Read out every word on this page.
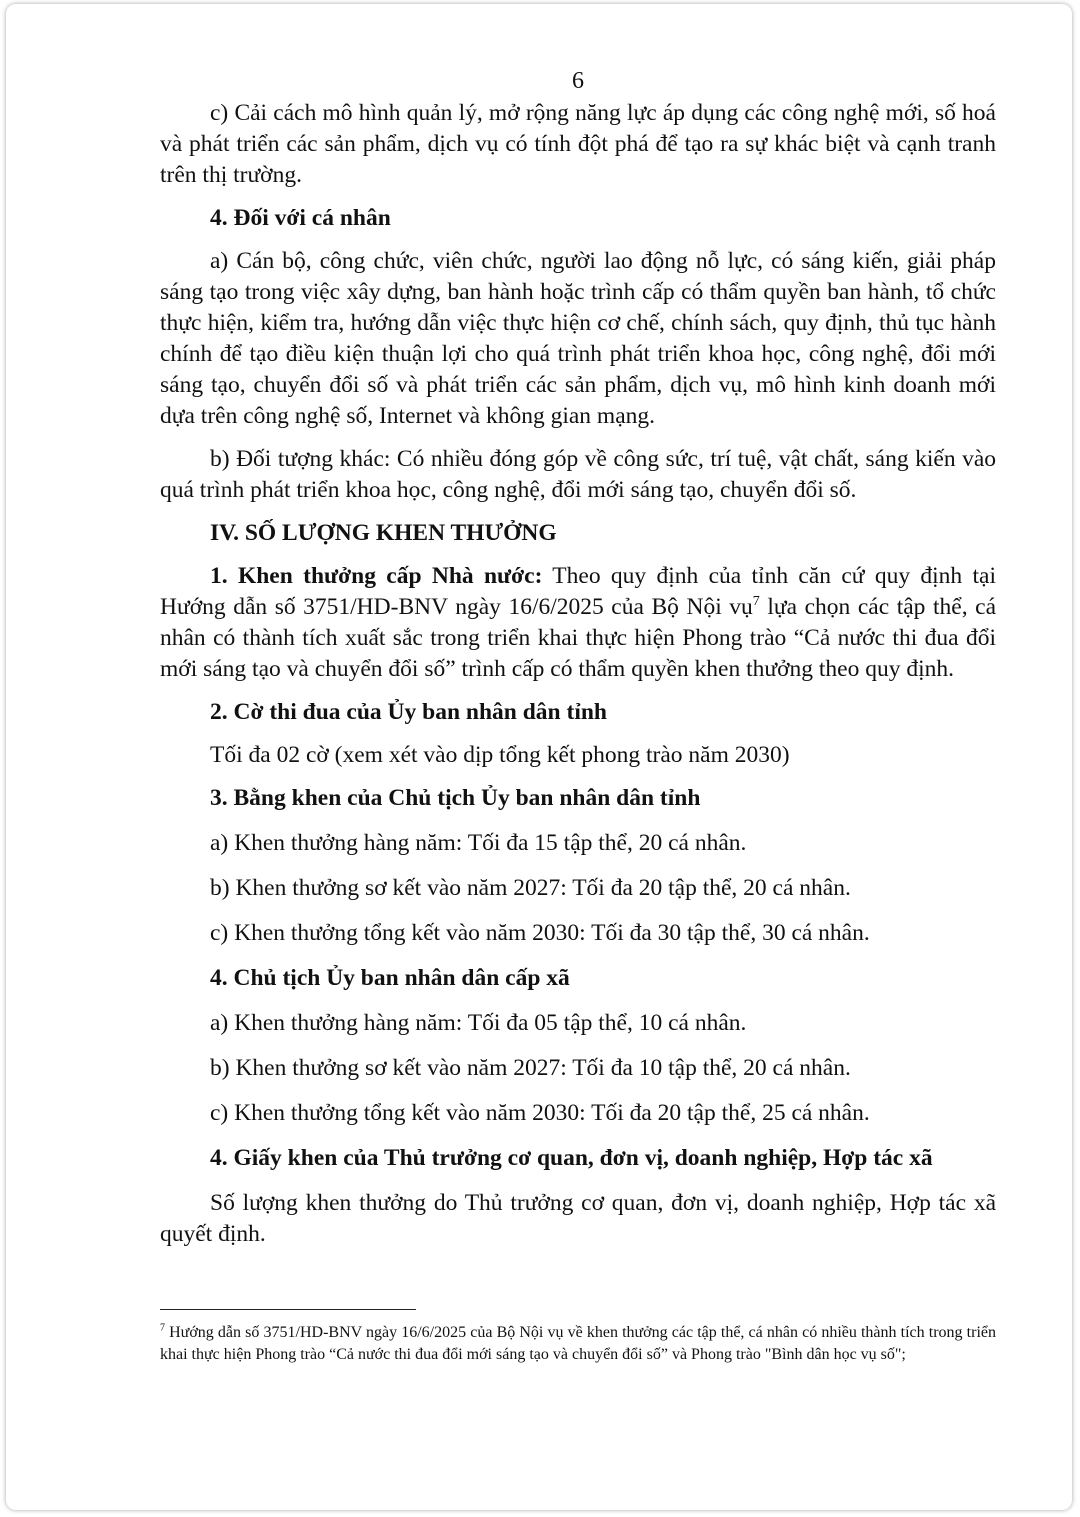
6

c) Cải cách mô hình quản lý, mở rộng năng lực áp dụng các công nghệ mới, số hoá và phát triển các sản phẩm, dịch vụ có tính đột phá để tạo ra sự khác biệt và cạnh tranh trên thị trường.

4. Đối với cá nhân

a) Cán bộ, công chức, viên chức, người lao động nỗ lực, có sáng kiến, giải pháp sáng tạo trong việc xây dựng, ban hành hoặc trình cấp có thẩm quyền ban hành, tổ chức thực hiện, kiểm tra, hướng dẫn việc thực hiện cơ chế, chính sách, quy định, thủ tục hành chính để tạo điều kiện thuận lợi cho quá trình phát triển khoa học, công nghệ, đổi mới sáng tạo, chuyển đổi số và phát triển các sản phẩm, dịch vụ, mô hình kinh doanh mới dựa trên công nghệ số, Internet và không gian mạng.

b) Đối tượng khác: Có nhiều đóng góp về công sức, trí tuệ, vật chất, sáng kiến vào quá trình phát triển khoa học, công nghệ, đổi mới sáng tạo, chuyển đổi số.

IV. SỐ LƯỢNG KHEN THƯỞNG

1. Khen thưởng cấp Nhà nước: Theo quy định của tỉnh căn cứ quy định tại Hướng dẫn số 3751/HD-BNV ngày 16/6/2025 của Bộ Nội vụ$^7$ lựa chọn các tập thể, cá nhân có thành tích xuất sắc trong triển khai thực hiện Phong trào “Cả nước thi đua đổi mới sáng tạo và chuyển đổi số” trình cấp có thẩm quyền khen thưởng theo quy định.

2. Cờ thi đua của Ủy ban nhân dân tỉnh

Tối đa 02 cờ (xem xét vào dịp tổng kết phong trào năm 2030)

3. Bằng khen của Chủ tịch Ủy ban nhân dân tỉnh

a) Khen thưởng hàng năm: Tối đa 15 tập thể, 20 cá nhân.

b) Khen thưởng sơ kết vào năm 2027: Tối đa 20 tập thể, 20 cá nhân.

c) Khen thưởng tổng kết vào năm 2030: Tối đa 30 tập thể, 30 cá nhân.

4. Chủ tịch Ủy ban nhân dân cấp xã

a) Khen thưởng hàng năm: Tối đa 05 tập thể, 10 cá nhân.

b) Khen thưởng sơ kết vào năm 2027: Tối đa 10 tập thể, 20 cá nhân.

c) Khen thưởng tổng kết vào năm 2030: Tối đa 20 tập thể, 25 cá nhân.

4. Giấy khen của Thủ trưởng cơ quan, đơn vị, doanh nghiệp, Hợp tác xã

Số lượng khen thưởng do Thủ trưởng cơ quan, đơn vị, doanh nghiệp, Hợp tác xã quyết định.

$^7$ Hướng dẫn số 3751/HD-BNV ngày 16/6/2025 của Bộ Nội vụ về khen thưởng các tập thể, cá nhân có nhiều thành tích trong triển khai thực hiện Phong trào “Cả nước thi đua đổi mới sáng tạo và chuyển đổi số” và Phong trào "Bình dân học vụ số";
